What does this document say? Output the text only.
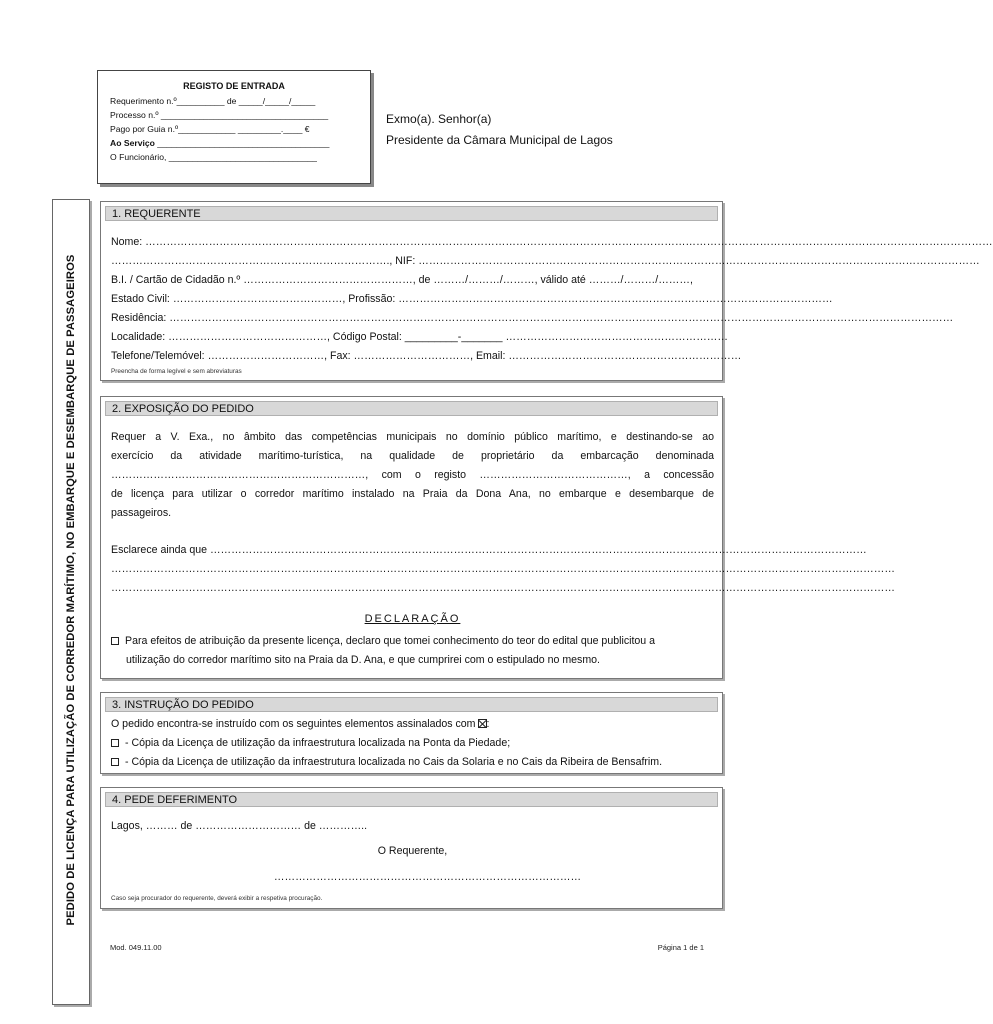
REGISTO DE ENTRADA
Requerimento n.º__________ de _____/_____/_____
Processo n.º ___________________________________
Pago por Guia n.º____________ _________.____ €
Ao Serviço ____________________________________
O Funcionário, _______________________________
Exmo(a). Senhor(a)
Presidente da Câmara Municipal de Lagos
PEDIDO DE LICENÇA PARA UTILIZAÇÃO DE CORREDOR MARÍTIMO, NO EMBARQUE E DESEMBARQUE DE PASSAGEIROS
1. REQUERENTE
Nome: ……………………………………………………………………………………………………………………………………………………………………………………………………………………
……………………………………………………………………., NIF: ……………………………………………………………………………………………………………………………………………
B.I. / Cartão de Cidadão n.º …………………………………………, de ………/………/………, válido até ………/………/………,
Estado Civil: …………………………………………, Profissão: ……………………………………………………………………………………………………………
Residência: ……………………………………………………………………………………………………………………………………………………………………………………………………
Localidade: ………………………………………, Código Postal: _________-_______ ………………………………………………………
Telefone/Telemóvel: ……………………………, Fax: ……………………………, Email: …………………………………………………………
Preencha de forma legível e sem abreviaturas
2. EXPOSIÇÃO DO PEDIDO
Requer a V. Exa., no âmbito das competências municipais no domínio público marítimo, e destinando-se ao
exercício da atividade marítimo-turística, na qualidade de proprietário da embarcação denominada
………………………………………………………………, com o registo ……………………………………, a concessão
de licença para utilizar o corredor marítimo instalado na Praia da Dona Ana, no embarque e desembarque de
passageiros.
Esclarece ainda que ……………………………………………………………………………………………………………………………………………………………………
……………………………………………………………………………………………………………………………………………………………………………………………………
……………………………………………………………………………………………………………………………………………………………………………………………………
DECLARAÇÃO
Para efeitos de atribuição da presente licença, declaro que tomei conhecimento do teor do edital que publicitou a
utilização do corredor marítimo sito na Praia da D. Ana, e que cumprirei com o estipulado no mesmo.
3. INSTRUÇÃO DO PEDIDO
O pedido encontra-se instruído com os seguintes elementos assinalados com :
- Cópia da Licença de utilização da infraestrutura localizada na Ponta da Piedade;
- Cópia da Licença de utilização da infraestrutura localizada no Cais da Solaria e no Cais da Ribeira de Bensafrim.
4. PEDE DEFERIMENTO
Lagos, ……… de ………………………… de …………..
O Requerente,
……………………………………………………………………………
Caso seja procurador do requerente, deverá exibir a respetiva procuração.
Mod. 049.11.00	Página 1 de 1
